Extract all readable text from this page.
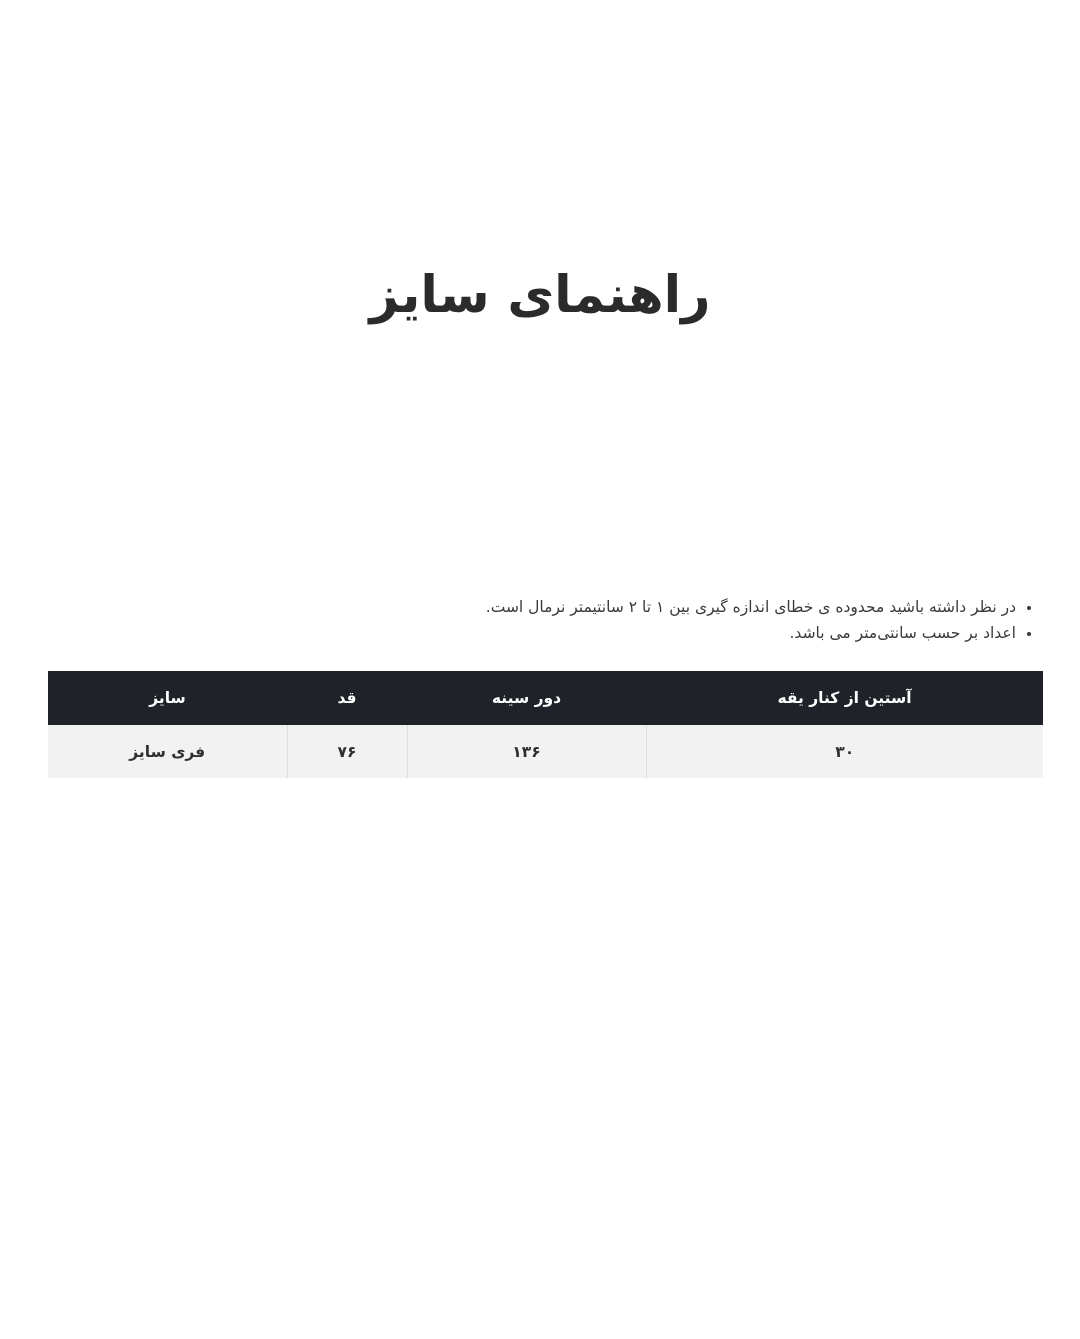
راهنمای سایز
• در نظر داشته باشید محدوده ی خطای اندازه گیری بین ۱ تا ۲ سانتیمتر نرمال است.
• اعداد بر حسب سانتی‌متر می باشد.
آستین از کنار یقه	دور سینه	قد	سایز
۳۰	۱۳۶	۷۶	فری سایز
